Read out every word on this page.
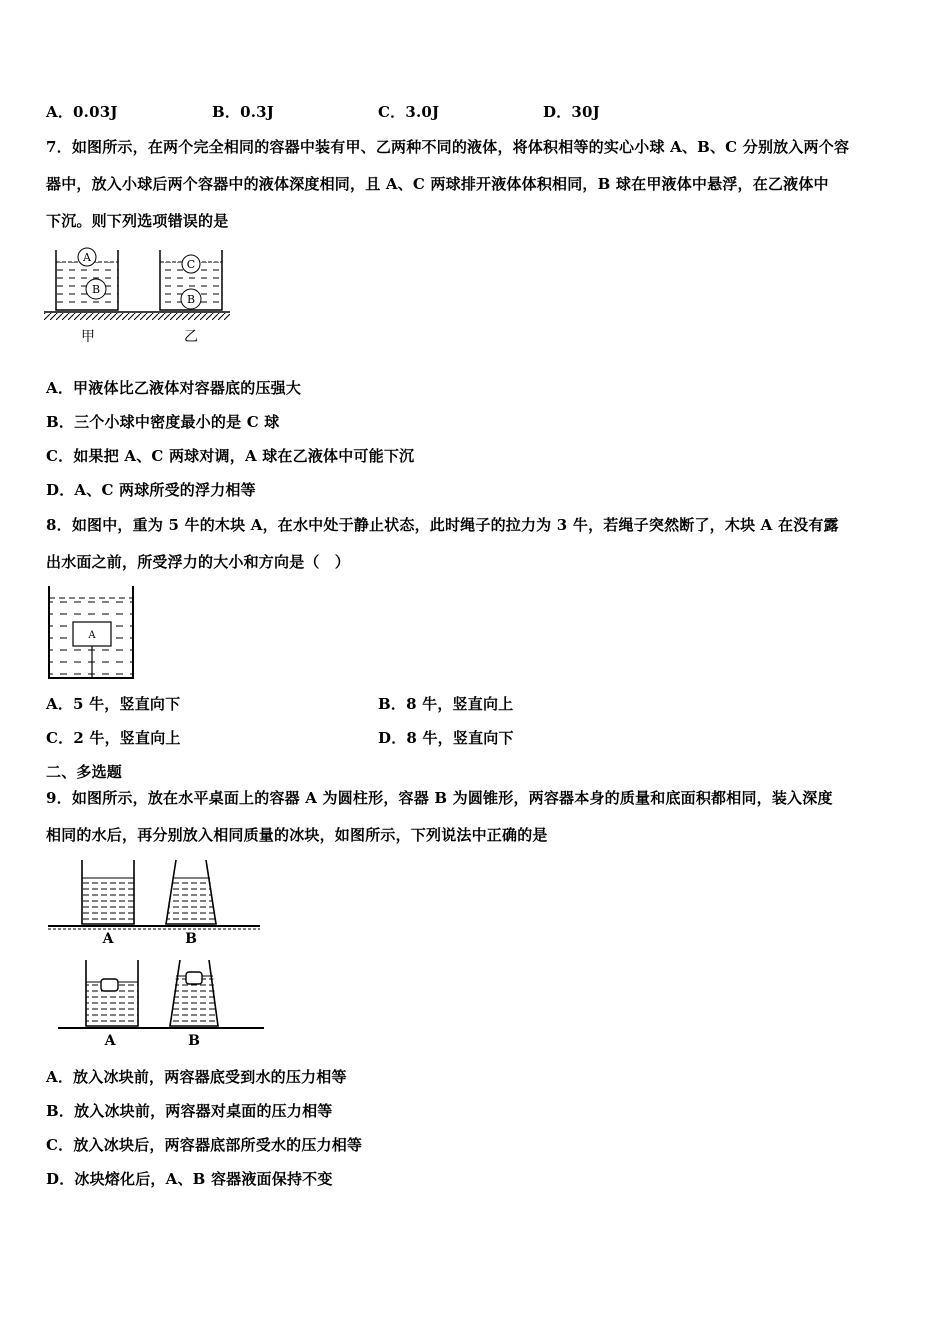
A．0.03J	B．0.3J	C．3.0J	D．30J
7．如图所示，在两个完全相同的容器中装有甲、乙两种不同的液体，将体积相等的实心小球 A、B、C 分别放入两个容
器中，放入小球后两个容器中的液体深度相同，且 A、C 两球排开液体体积相同，B 球在甲液体中悬浮，在乙液体中
下沉。则下列选项错误的是
A
B
C
B
甲	乙
A．甲液体比乙液体对容器底的压强大
B．三个小球中密度最小的是 C 球
C．如果把 A、C 两球对调，A 球在乙液体中可能下沉
D．A、C 两球所受的浮力相等
8．如图中，重为 5 牛的木块 A，在水中处于静止状态，此时绳子的拉力为 3 牛，若绳子突然断了，木块 A 在没有露
出水面之前，所受浮力的大小和方向是（　）
A
A．5 牛，竖直向下	B．8 牛，竖直向上
C．2 牛，竖直向上	D．8 牛，竖直向下
二、多选题
9．如图所示，放在水平桌面上的容器 A 为圆柱形，容器 B 为圆锥形，两容器本身的质量和底面积都相同，装入深度
相同的水后，再分别放入相同质量的冰块，如图所示，下列说法中正确的是
A	B
A	B
A．放入冰块前，两容器底受到水的压力相等
B．放入冰块前，两容器对桌面的压力相等
C．放入冰块后，两容器底部所受水的压力相等
D．冰块熔化后，A、B 容器液面保持不变
